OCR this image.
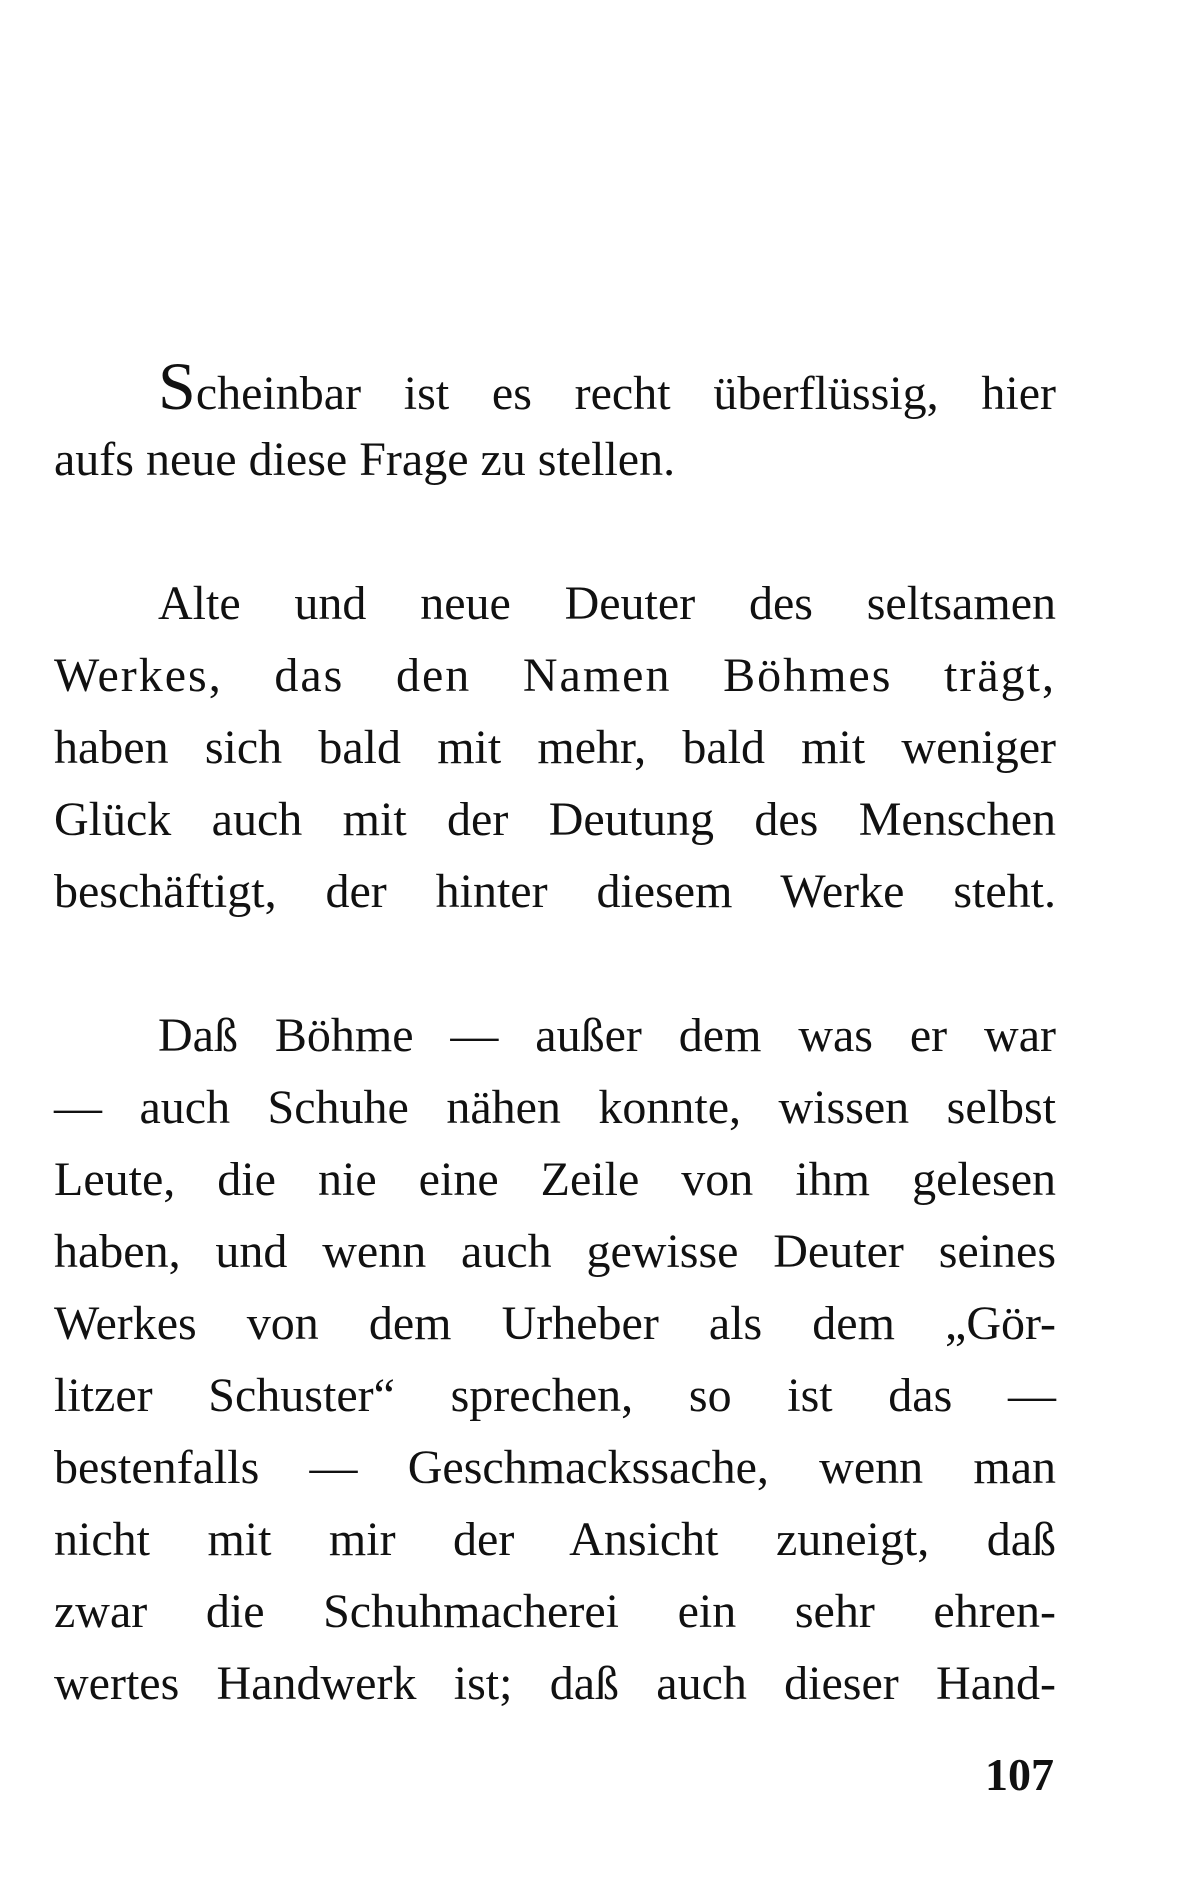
Scheinbar ist es recht überflüssig, hier
aufs neue diese Frage zu stellen.
Alte und neue Deuter des seltsamen
Werkes, das den Namen Böhmes trägt,
haben sich bald mit mehr, bald mit weniger
Glück auch mit der Deutung des Menschen
beschäftigt, der hinter diesem Werke steht.
Daß Böhme — außer dem was er war
— auch Schuhe nähen konnte, wissen selbst
Leute, die nie eine Zeile von ihm gelesen
haben, und wenn auch gewisse Deuter seines
Werkes von dem Urheber als dem „Gör-
litzer Schuster“ sprechen, so ist das —
bestenfalls — Geschmackssache, wenn man
nicht mit mir der Ansicht zuneigt, daß
zwar die Schuhmacherei ein sehr ehren-
wertes Handwerk ist; daß auch dieser Hand-
107
